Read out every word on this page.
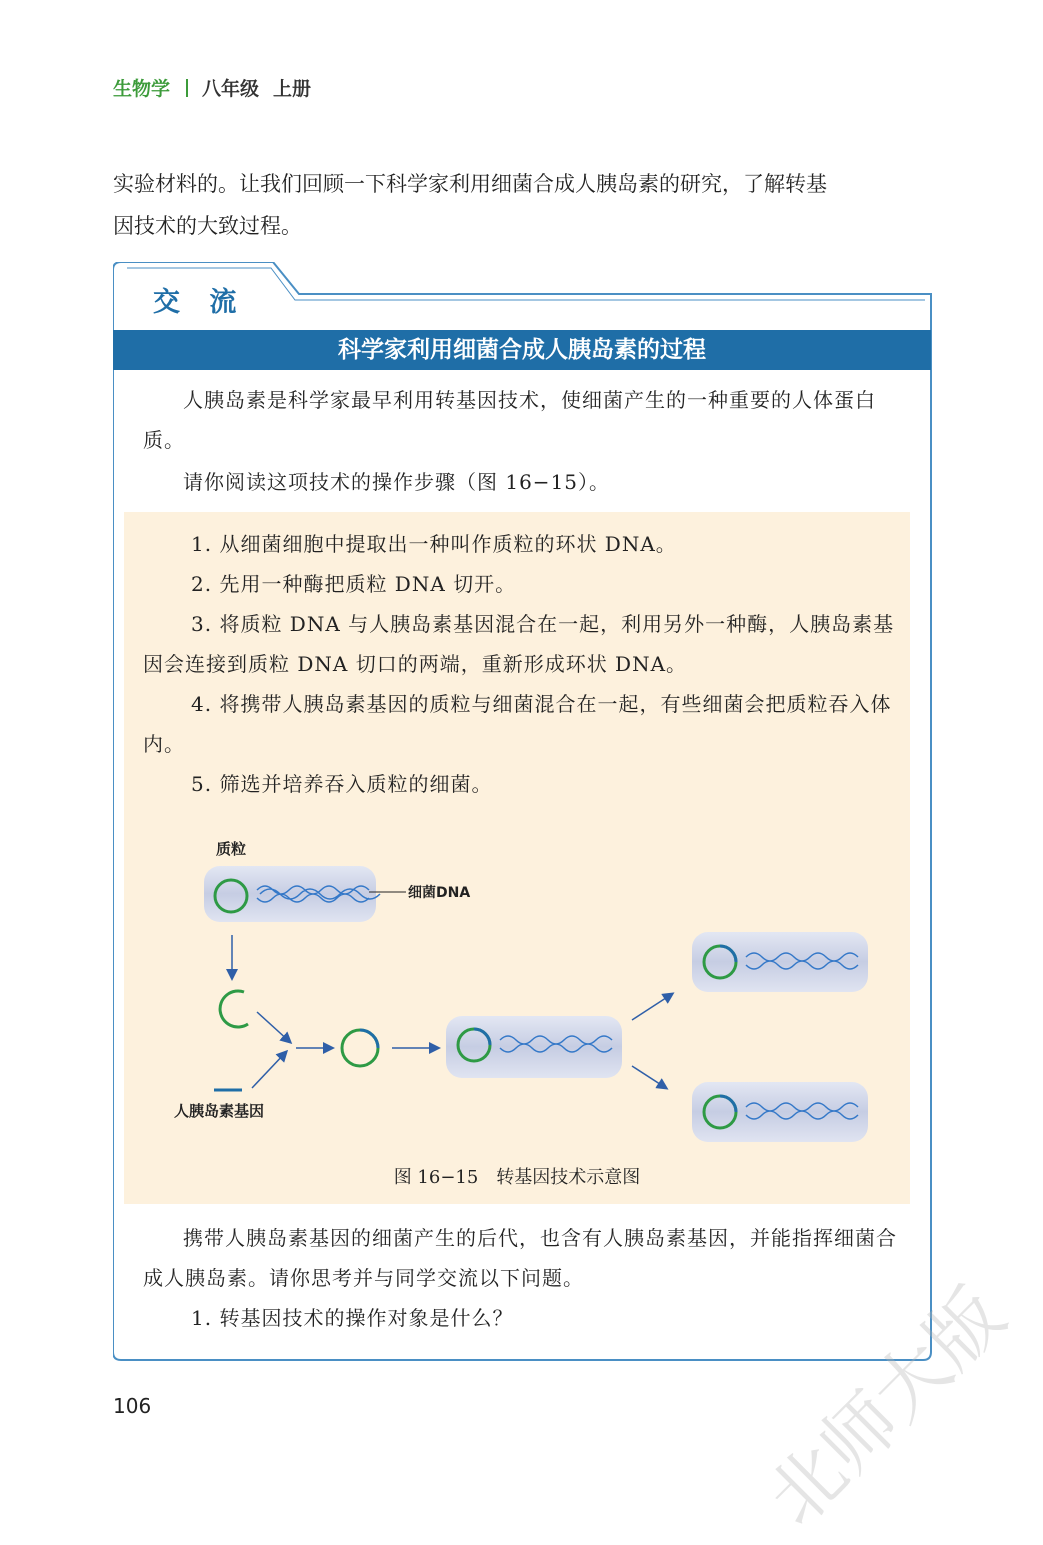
生物学 八年级 上册

实验材料的。让我们回顾一下科学家利用细菌合成人胰岛素的研究，了解转基

因技术的大致过程。

交 流
科学家利用细菌合成人胰岛素的过程

人胰岛素是科学家最早利用转基因技术，使细菌产生的一种重要的人体蛋白质。

请你阅读这项技术的操作步骤（图 16−15）。

1. 从细菌细胞中提取出一种叫作质粒的环状 DNA。

2. 先用一种酶把质粒 DNA 切开。

3. 将质粒 DNA 与人胰岛素基因混合在一起，利用另外一种酶，人胰岛素基因会连接到质粒 DNA 切口的两端，重新形成环状 DNA。

4. 将携带人胰岛素基因的质粒与细菌混合在一起，有些细菌会把质粒吞入体内。

5. 筛选并培养吞入质粒的细菌。

质粒
细菌DNA
人胰岛素基因
图 16−15　转基因技术示意图

携带人胰岛素基因的细菌产生的后代，也含有人胰岛素基因，并能指挥细菌合成人胰岛素。请你思考并与同学交流以下问题。

1. 转基因技术的操作对象是什么？

106	北师大版
